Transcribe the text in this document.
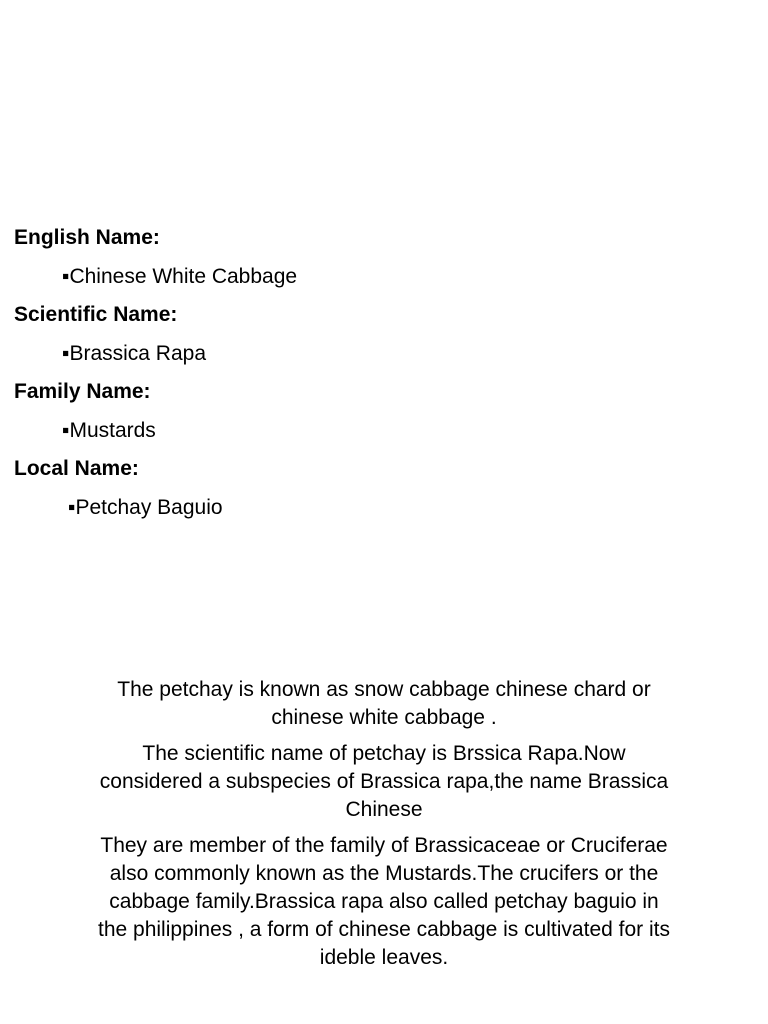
English Name:
▪Chinese White Cabbage
Scientific Name:
▪Brassica Rapa
Family Name:
▪Mustards
Local Name:
▪Petchay Baguio

The petchay is known as snow cabbage chinese chard or chinese white cabbage .

The scientific name of petchay is Brssica Rapa.Now considered a subspecies of Brassica rapa,the name Brassica Chinese

They are member of the family of Brassicaceae or Cruciferae also commonly known as the Mustards.The crucifers or the cabbage family.Brassica rapa also called petchay baguio in the philippines , a form of chinese cabbage is cultivated for its ideble leaves.
